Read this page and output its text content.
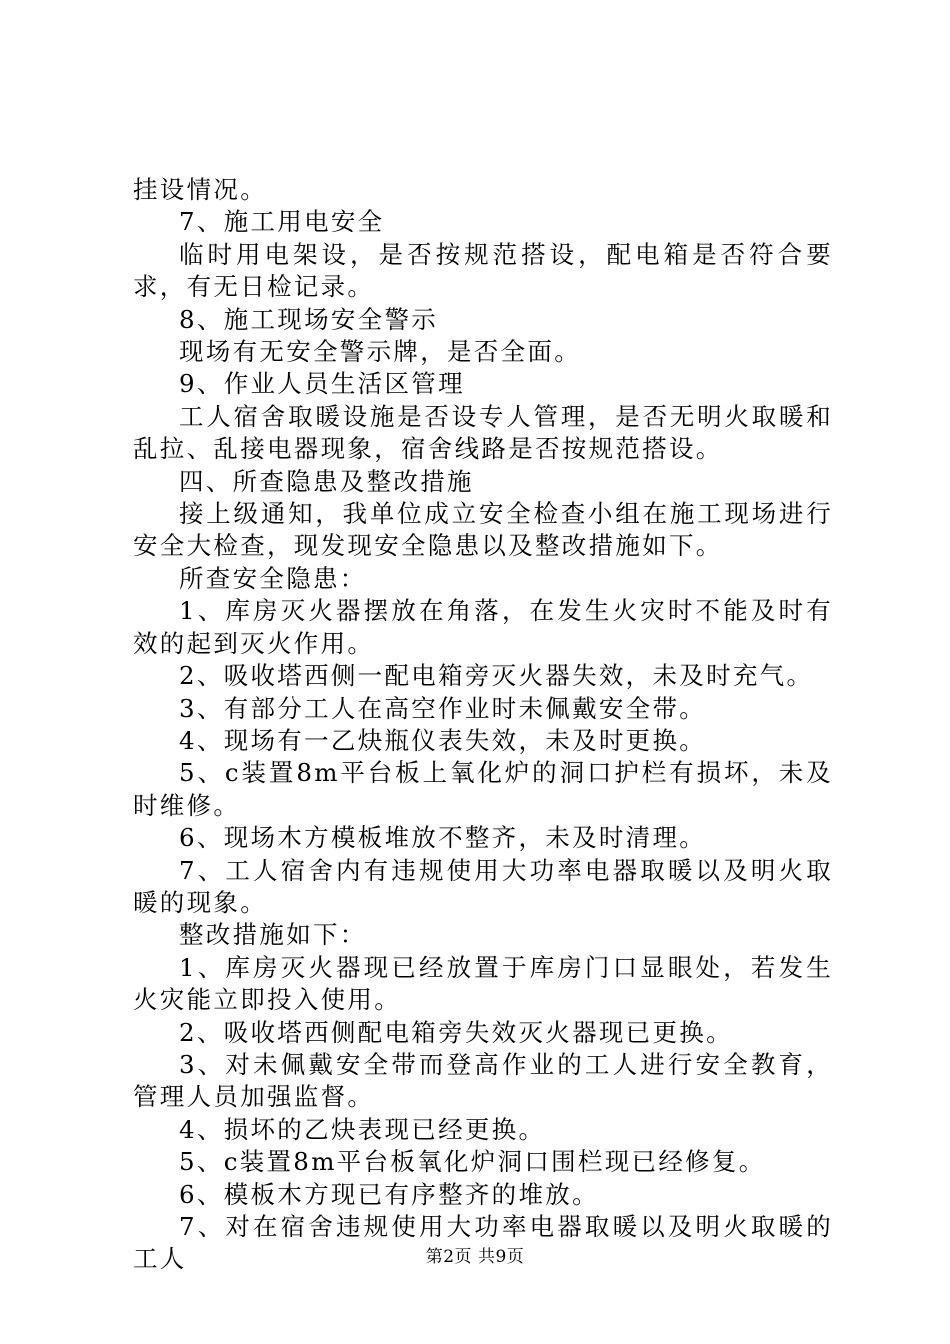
挂设情况。

7、施工用电安全

临时用电架设，是否按规范搭设，配电箱是否符合要求，有无日检记录。

8、施工现场安全警示

现场有无安全警示牌，是否全面。

9、作业人员生活区管理

工人宿舍取暖设施是否设专人管理，是否无明火取暖和乱拉、乱接电器现象，宿舍线路是否按规范搭设。

四、所查隐患及整改措施

接上级通知，我单位成立安全检查小组在施工现场进行安全大检查，现发现安全隐患以及整改措施如下。

所查安全隐患：

1、库房灭火器摆放在角落，在发生火灾时不能及时有效的起到灭火作用。

2、吸收塔西侧一配电箱旁灭火器失效，未及时充气。

3、有部分工人在高空作业时未佩戴安全带。

4、现场有一乙炔瓶仪表失效，未及时更换。

5、c装置8m平台板上氧化炉的洞口护栏有损坏，未及时维修。

6、现场木方模板堆放不整齐，未及时清理。

7、工人宿舍内有违规使用大功率电器取暖以及明火取暖的现象。

整改措施如下：

1、库房灭火器现已经放置于库房门口显眼处，若发生火灾能立即投入使用。

2、吸收塔西侧配电箱旁失效灭火器现已更换。

3、对未佩戴安全带而登高作业的工人进行安全教育，管理人员加强监督。

4、损坏的乙炔表现已经更换。

5、c装置8m平台板氧化炉洞口围栏现已经修复。

6、模板木方现已有序整齐的堆放。

7、对在宿舍违规使用大功率电器取暖以及明火取暖的工人	第2页 共9页
